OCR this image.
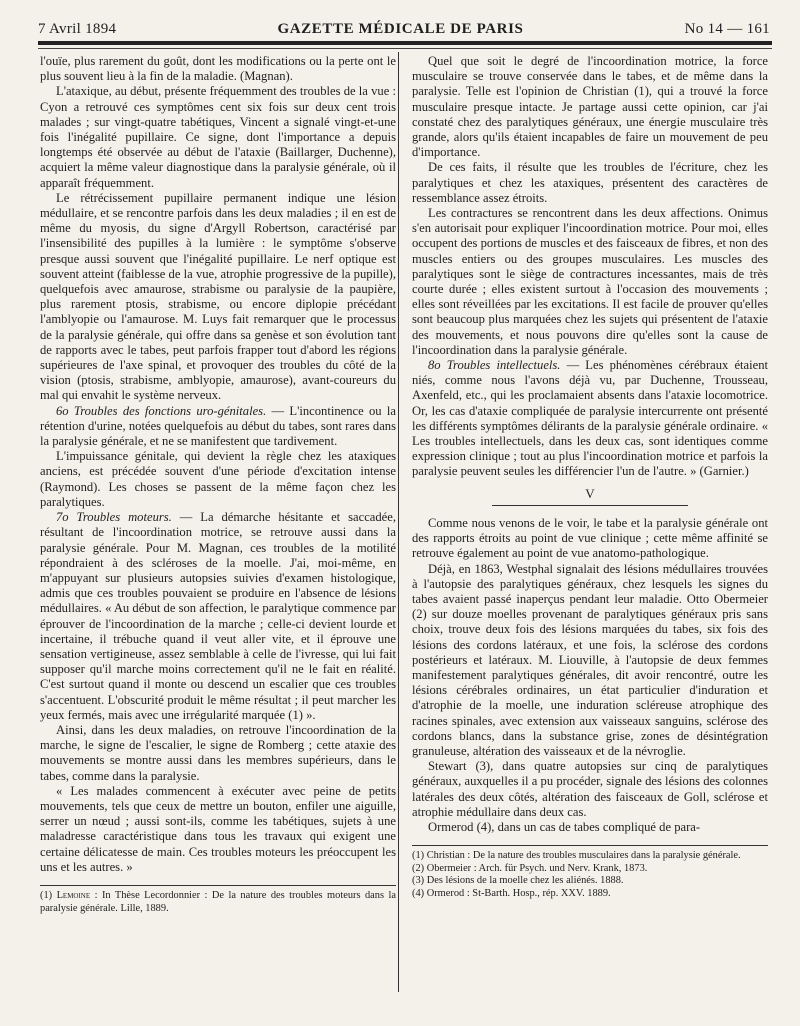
7 Avril 1894	GAZETTE MÉDICALE DE PARIS	No 14 — 161

l'ouïe, plus rarement du goût, dont les modifications ou la perte ont le plus souvent lieu à la fin de la maladie. (Magnan).

L'ataxique, au début, présente fréquemment des troubles de la vue : Cyon a retrouvé ces symptômes cent six fois sur deux cent trois malades ; sur vingt-quatre tabétiques, Vincent a signalé vingt-et-une fois l'inégalité pupillaire. Ce signe, dont l'importance a depuis longtemps été observée au début de l'ataxie (Baillarger, Duchenne), acquiert la même valeur diagnostique dans la paralysie générale, où il apparaît fréquemment.

Le rétrécissement pupillaire permanent indique une lésion médullaire, et se rencontre parfois dans les deux maladies ; il en est de même du myosis, du signe d'Argyll Robertson, caractérisé par l'insensibilité des pupilles à la lumière : le symptôme s'observe presque aussi souvent que l'inégalité pupillaire. Le nerf optique est souvent atteint (faiblesse de la vue, atrophie progressive de la pupille), quelquefois avec amaurose, strabisme ou paralysie de la paupière, plus rarement ptosis, strabisme, ou encore diplopie précédant l'amblyopie ou l'amaurose. M. Luys fait remarquer que le processus de la paralysie générale, qui offre dans sa genèse et son évolution tant de rapports avec le tabes, peut parfois frapper tout d'abord les régions supérieures de l'axe spinal, et provoquer des troubles du côté de la vision (ptosis, strabisme, amblyopie, amaurose), avant-coureurs du mal qui envahit le système nerveux.

6o Troubles des fonctions uro-génitales. — L'incontinence ou la rétention d'urine, notées quelquefois au début du tabes, sont rares dans la paralysie générale, et ne se manifestent que tardivement.

L'impuissance génitale, qui devient la règle chez les ataxiques anciens, est précédée souvent d'une période d'excitation intense (Raymond). Les choses se passent de la même façon chez les paralytiques.

7o Troubles moteurs. — La démarche hésitante et saccadée, résultant de l'incoordination motrice, se retrouve aussi dans la paralysie générale. Pour M. Magnan, ces troubles de la motilité répondraient à des scléroses de la moelle. J'ai, moi-même, en m'appuyant sur plusieurs autopsies suivies d'examen histologique, admis que ces troubles pouvaient se produire en l'absence de lésions médullaires. « Au début de son affection, le paralytique commence par éprouver de l'incoordination de la marche ; celle-ci devient lourde et incertaine, il trébuche quand il veut aller vite, et il éprouve une sensation vertigineuse, assez semblable à celle de l'ivresse, qui lui fait supposer qu'il marche moins correctement qu'il ne le fait en réalité. C'est surtout quand il monte ou descend un escalier que ces troubles s'accentuent. L'obscurité produit le même résultat ; il peut marcher les yeux fermés, mais avec une irrégularité marquée (1) ».

Ainsi, dans les deux maladies, on retrouve l'incoordination de la marche, le signe de l'escalier, le signe de Romberg ; cette ataxie des mouvements se montre aussi dans les membres supérieurs, dans le tabes, comme dans la paralysie.

« Les malades commencent à exécuter avec peine de petits mouvements, tels que ceux de mettre un bouton, enfiler une aiguille, serrer un nœud ; aussi sont-ils, comme les tabétiques, sujets à une maladresse caractéristique dans tous les travaux qui exigent une certaine délicatesse de main. Ces troubles moteurs les préoccupent les uns et les autres. »

(1) Lemoine : In Thèse Lecordonnier : De la nature des troubles moteurs dans la paralysie générale. Lille, 1889.

Quel que soit le degré de l'incoordination motrice, la force musculaire se trouve conservée dans le tabes, et de même dans la paralysie. Telle est l'opinion de Christian (1), qui a trouvé la force musculaire presque intacte. Je partage aussi cette opinion, car j'ai constaté chez des paralytiques généraux, une énergie musculaire très grande, alors qu'ils étaient incapables de faire un mouvement de peu d'importance.

De ces faits, il résulte que les troubles de l'écriture, chez les paralytiques et chez les ataxiques, présentent des caractères de ressemblance assez étroits.

Les contractures se rencontrent dans les deux affections. Onimus s'en autorisait pour expliquer l'incoordination motrice. Pour moi, elles occupent des portions de muscles et des faisceaux de fibres, et non des muscles entiers ou des groupes musculaires. Les muscles des paralytiques sont le siège de contractures incessantes, mais de très courte durée ; elles existent surtout à l'occasion des mouvements ; elles sont réveillées par les excitations. Il est facile de prouver qu'elles sont beaucoup plus marquées chez les sujets qui présentent de l'ataxie des mouvements, et nous pouvons dire qu'elles sont la cause de l'incoordination dans la paralysie générale.

8o Troubles intellectuels. — Les phénomènes cérébraux étaient niés, comme nous l'avons déjà vu, par Duchenne, Trousseau, Axenfeld, etc., qui les proclamaient absents dans l'ataxie locomotrice. Or, les cas d'ataxie compliquée de paralysie intercurrente ont présenté les différents symptômes délirants de la paralysie générale ordinaire. « Les troubles intellectuels, dans les deux cas, sont identiques comme expression clinique ; tout au plus l'incoordination motrice et parfois la paralysie peuvent seules les différencier l'un de l'autre. » (Garnier.)

V

Comme nous venons de le voir, le tabe et la paralysie générale ont des rapports étroits au point de vue clinique ; cette même affinité se retrouve également au point de vue anatomo-pathologique.

Déjà, en 1863, Westphal signalait des lésions médullaires trouvées à l'autopsie des paralytiques généraux, chez lesquels les signes du tabes avaient passé inaperçus pendant leur maladie. Otto Obermeier (2) sur douze moelles provenant de paralytiques généraux pris sans choix, trouve deux fois des lésions marquées du tabes, six fois des lésions des cordons latéraux, et une fois, la sclérose des cordons postérieurs et latéraux. M. Liouville, à l'autopsie de deux femmes manifestement paralytiques générales, dit avoir rencontré, outre les lésions cérébrales ordinaires, un état particulier d'induration et d'atrophie de la moelle, une induration scléreuse atrophique des racines spinales, avec extension aux vaisseaux sanguins, sclérose des cordons blancs, dans la substance grise, zones de désintégration granuleuse, altération des vaisseaux et de la névroglie.

Stewart (3), dans quatre autopsies sur cinq de paralytiques généraux, auxquelles il a pu procéder, signale des lésions des colonnes latérales des deux côtés, altération des faisceaux de Goll, sclérose et atrophie médullaire dans deux cas.

Ormerod (4), dans un cas de tabes compliqué de para-

(1) Christian : De la nature des troubles musculaires dans la paralysie générale.

(2) Obermeier : Arch. für Psych. und Nerv. Krank, 1873.

(3) Des lésions de la moelle chez les aliénés. 1888.

(4) Ormerod : St-Barth. Hosp., rép. XXV. 1889.
